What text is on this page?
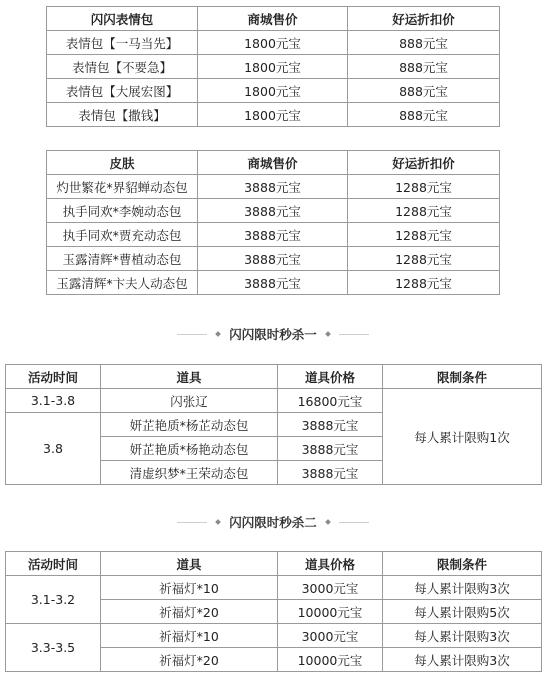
闪闪表情包	商城售价	好运折扣价
表情包【一马当先】	1800元宝	888元宝
表情包【不要急】	1800元宝	888元宝
表情包【大展宏图】	1800元宝	888元宝
表情包【撒钱】	1800元宝	888元宝
皮肤	商城售价	好运折扣价
灼世繁花*界貂蝉动态包	3888元宝	1288元宝
执手同欢*李婉动态包	3888元宝	1288元宝
执手同欢*贾充动态包	3888元宝	1288元宝
玉露清辉*曹植动态包	3888元宝	1288元宝
玉露清辉*卞夫人动态包	3888元宝	1288元宝
闪闪限时秒杀一
活动时间	道具	道具价格	限制条件
3.1-3.8	闪张辽	16800元宝	每人累计限购1次
3.8	妍芷艳质*杨芷动态包	3888元宝	
	妍芷艳质*杨艳动态包	3888元宝	
	清虚织梦*王荣动态包	3888元宝	
闪闪限时秒杀二
活动时间	道具	道具价格	限制条件
3.1-3.2	祈福灯*10	3000元宝	每人累计限购3次
	祈福灯*20	10000元宝	每人累计限购5次
3.3-3.5	祈福灯*10	3000元宝	每人累计限购3次
	祈福灯*20	10000元宝	每人累计限购3次
